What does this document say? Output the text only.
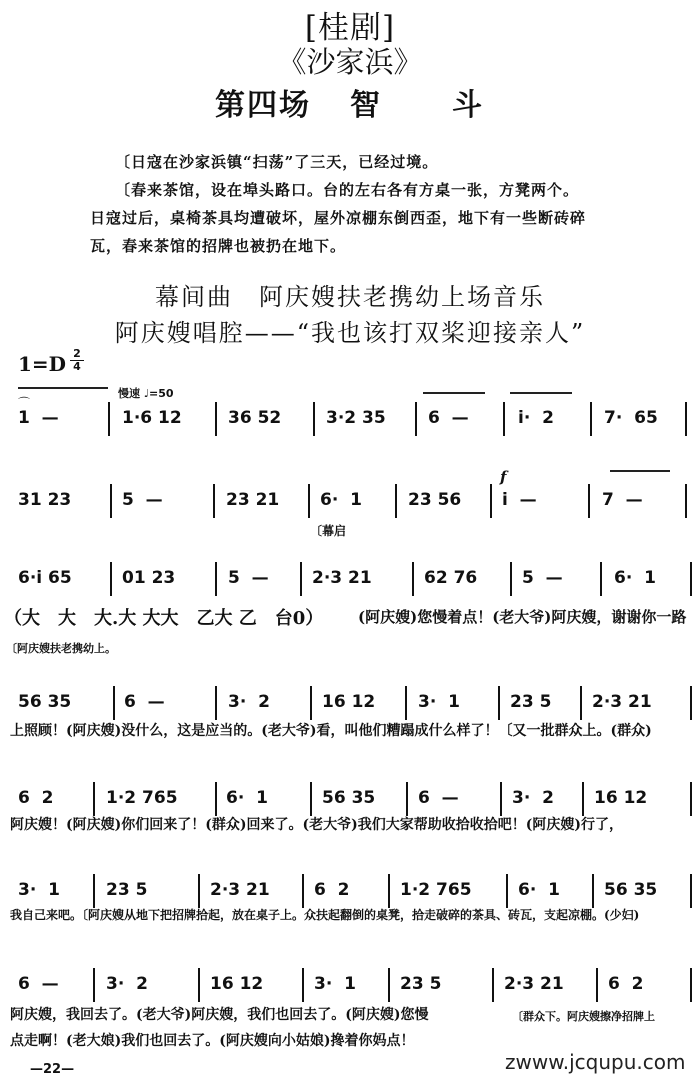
[桂剧]
《沙家浜》
第四场 智 斗
〔日寇在沙家浜镇“扫荡”了三天，已经过境。
〔春来茶馆，设在埠头路口。台的左右各有方桌一张，方凳两个。
日寇过后，桌椅茶具均遭破坏，屋外凉棚东倒西歪，地下有一些断砖碎
瓦，春来茶馆的招牌也被扔在地下。
幕间曲　阿庆嫂扶老携幼上场音乐
阿庆嫂唱腔——“我也该打双桨迎接亲人”
1=D 2
4
慢速 ♩=50
⌒
1  —	1·6 12	36 52	3·2 35 6  —	i·  2	7·  65
f
31 23	5  —	23 21 6·  1	23 56 i  —	7  —
〔幕启
6·i 65	01 23	5  —	2·3 21	62 76	5  —	6·  1
（大　大　大.大 大大　乙大 乙　台0） (阿庆嫂)您慢着点！(老大爷)阿庆嫂，谢谢你一路
〔阿庆嫂扶老携幼上。
56 35	6  —	3·  2	16 12	3·  1	23 5 2·3 21
上照顾！(阿庆嫂)没什么，这是应当的。(老大爷)看，叫他们糟蹋成什么样了！〔又一批群众上。(群众)
6  2	1·2 765	6·  1	56 35	6  —	3·  2 16 12
阿庆嫂！(阿庆嫂)你们回来了！(群众)回来了。(老大爷)我们大家帮助收拾收拾吧！(阿庆嫂)行了，
3·  1	23 5	2·3 21	6  2	1·2 765	6·  1	56 35
我自己来吧。〔阿庆嫂从地下把招牌拾起，放在桌子上。众扶起翻倒的桌凳，拾走破碎的茶具、砖瓦，支起凉棚。(少妇)
6  —	3·  2	16 12	3·  1	23 5	2·3 21	6  2
阿庆嫂，我回去了。(老大爷)阿庆嫂，我们也回去了。(阿庆嫂)您慢	〔群众下。阿庆嫂擦净招牌上
点走啊！(老大娘)我们也回去了。(阿庆嫂向小姑娘)搀着你妈点！
—22—	zwww.jcqupu.com
